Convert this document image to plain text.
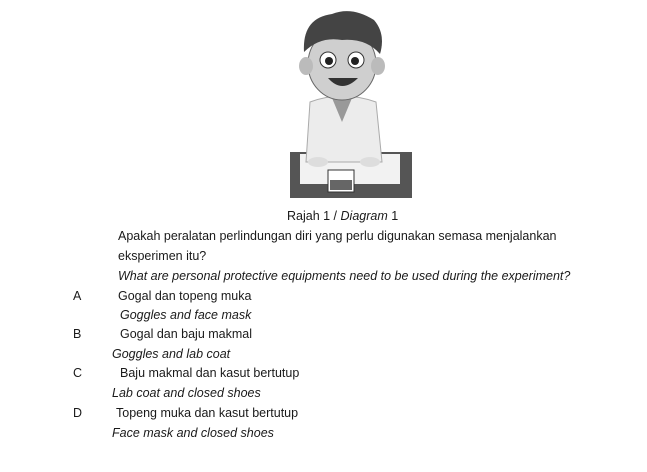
Rajah 1 / Diagram 1
Apakah peralatan perlindungan diri yang perlu digunakan semasa menjalankan
eksperimen itu?
What are personal protective equipments need to be used during the experiment?
A	Gogal dan topeng muka
Goggles and face mask
B	Gogal dan baju makmal
Goggles and lab coat
C	Baju makmal dan kasut bertutup
Lab coat and closed shoes
D	Topeng muka dan kasut bertutup
Face mask and closed shoes
